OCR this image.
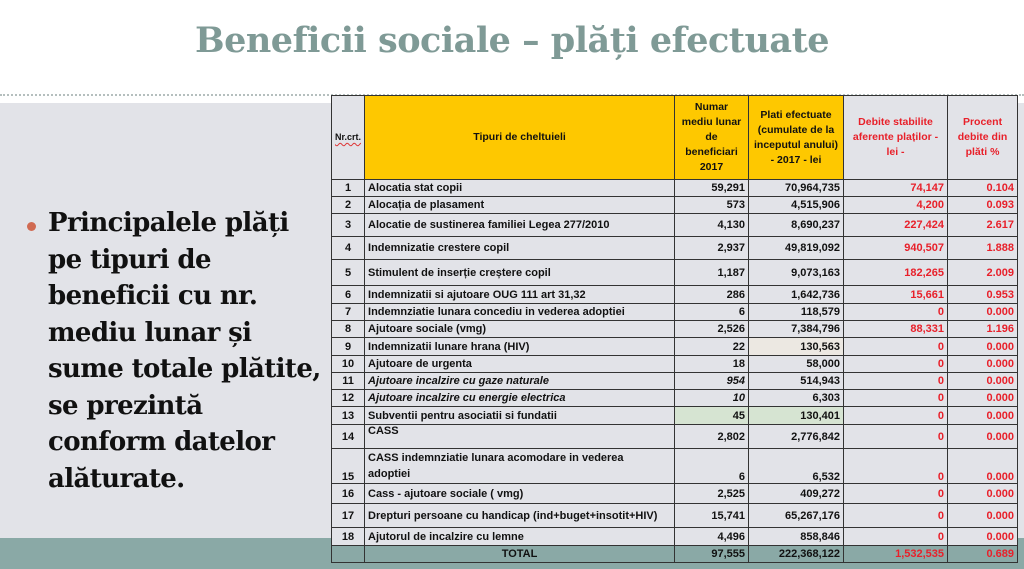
Beneficii sociale – plăți efectuate
Principalele plăți
pe tipuri de
beneficii cu nr.
mediu lunar și
sume totale plătite,
se prezintă
conform datelor
alăturate.
Nr.crt.	Tipuri de cheltuieli	Numar mediu lunar de beneficiari 2017	Plati efectuate (cumulate de la inceputul anului) - 2017 - lei	Debite stabilite aferente plaților - lei -	Procent debite din plăti %
1	Alocatia stat copii	59,291	70,964,735	74,147	0.104
2	Alocația de plasament	573	4,515,906	4,200	0.093
3	Alocatie de sustinerea familiei Legea 277/2010	4,130	8,690,237	227,424	2.617
4	Indemnizatie crestere copil	2,937	49,819,092	940,507	1.888
5	Stimulent de inserție creștere copil	1,187	9,073,163	182,265	2.009
6	Indemnizatii si ajutoare OUG 111 art 31,32	286	1,642,736	15,661	0.953
7	Indemnziatie lunara concediu in vederea adoptiei	6	118,579	0	0.000
8	Ajutoare sociale (vmg)	2,526	7,384,796	88,331	1.196
9	Indemnizatii lunare hrana (HIV)	22	130,563	0	0.000
10	Ajutoare de urgenta	18	58,000	0	0.000
11	Ajutoare incalzire cu gaze naturale	954	514,943	0	0.000
12	Ajutoare incalzire cu energie electrica	10	6,303	0	0.000
13	Subventii pentru asociatii si fundatii	45	130,401	0	0.000
14	CASS	2,802	2,776,842	0	0.000
15	CASS indemnziatie lunara acomodare in vederea
adoptiei	6	6,532	0	0.000
16	Cass - ajutoare sociale ( vmg)	2,525	409,272	0	0.000
17	Drepturi persoane cu handicap (ind+buget+insotit+HIV)	15,741	65,267,176	0	0.000
18	Ajutorul de incalzire cu lemne	4,496	858,846	0	0.000
	TOTAL	97,555	222,368,122	1,532,535	0.689
